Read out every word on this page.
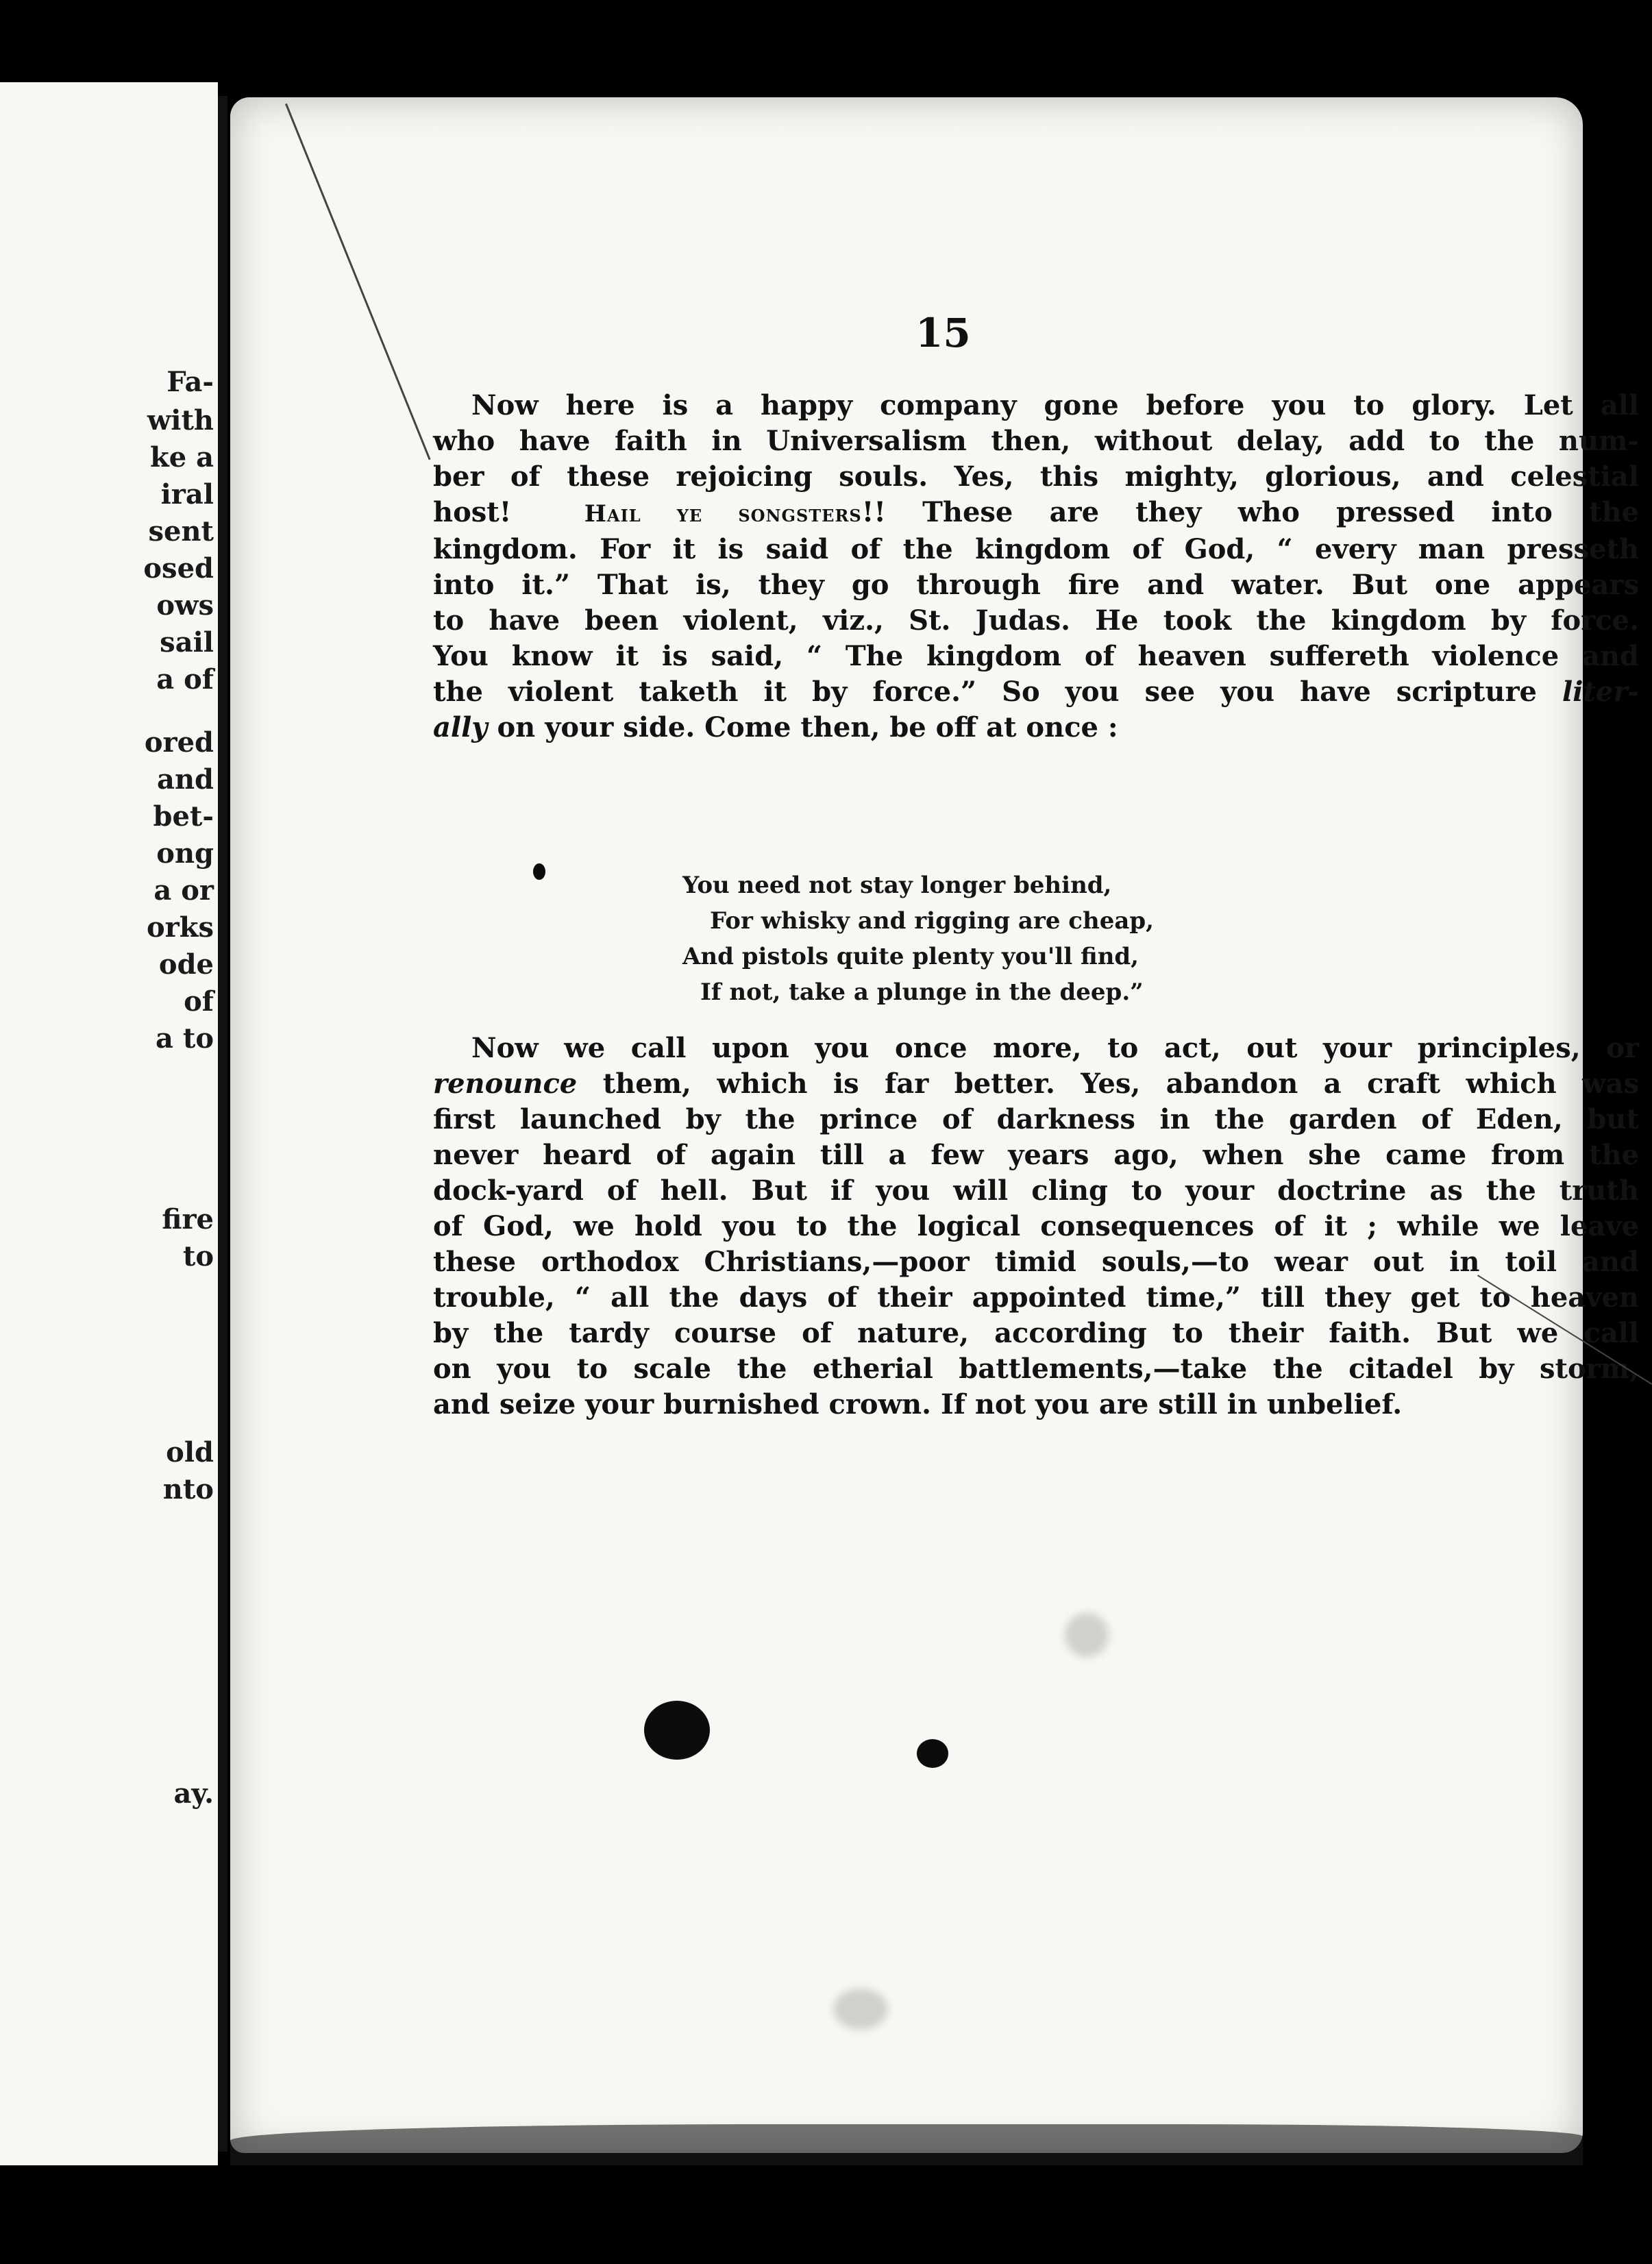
Fa-
with
ke a
iral
sent
osed
ows
sail
a of
ored
and
bet-
ong
a or
orks
ode
of
a to
fire
to
old
nto
ay.
15
Now here is a happy company gone before you to glory. Let all
who have faith in Universalism then, without delay, add to the num-
ber of these rejoicing souls. Yes, this mighty, glorious, and celestial
host!	Hail ye songsters!! These are they who pressed into the
kingdom. For it is said of the kingdom of God, “ every man presseth
into it.” That is, they go through fire and water. But one appears
to have been violent, viz., St. Judas. He took the kingdom by force.
You know it is said, “ The kingdom of heaven suffereth violence and
the violent taketh it by force.” So you see you have scripture liter-
ally on your side. Come then, be off at once :
You need not stay longer behind,
For whisky and rigging are cheap,
And pistols quite plenty you'll find,
If not, take a plunge in the deep.”
Now we call upon you once more, to act, out your principles, or
renounce them, which is far better. Yes, abandon a craft which was
first launched by the prince of darkness in the garden of Eden, but
never heard of again till a few years ago, when she came from the
dock-yard of hell. But if you will cling to your doctrine as the truth
of God, we hold you to the logical consequences of it ; while we leave
these orthodox Christians,—poor timid souls,—to wear out in toil and
trouble, “ all the days of their appointed time,” till they get to heaven
by the tardy course of nature, according to their faith. But we call
on you to scale the etherial battlements,—take the citadel by storm,
and seize your burnished crown. If not you are still in unbelief.
